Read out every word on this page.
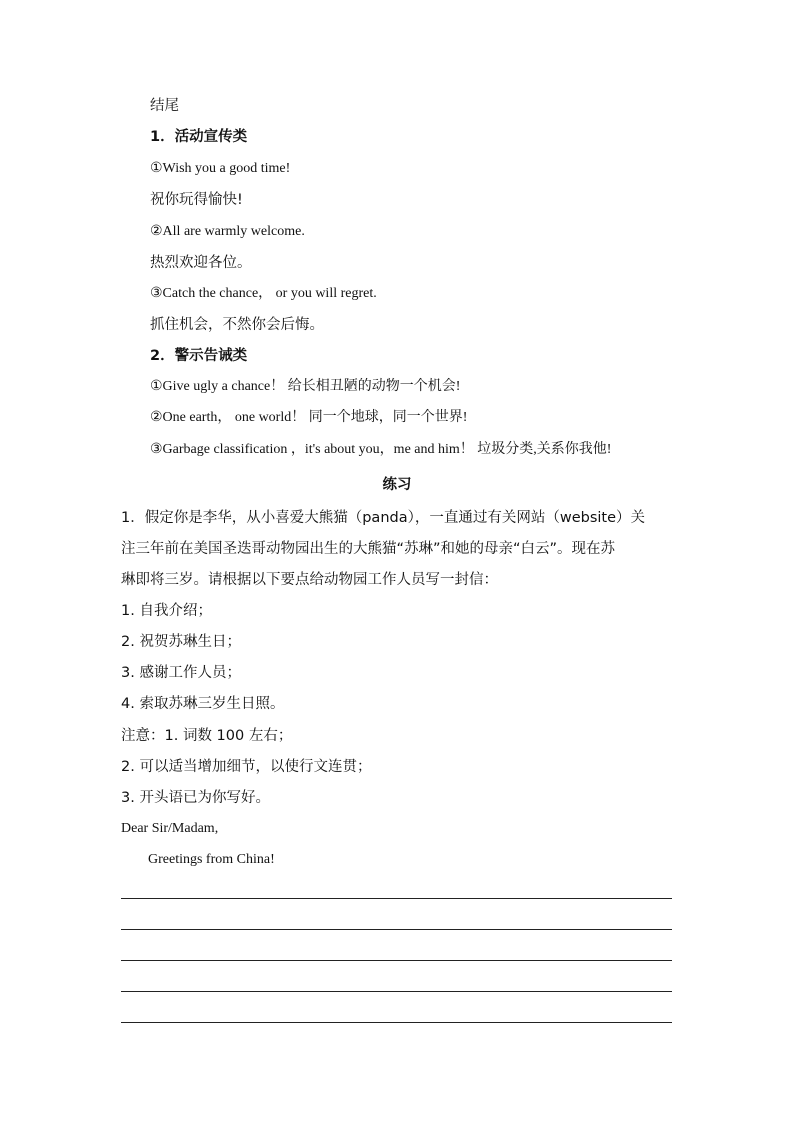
结尾
1．活动宣传类
①Wish you a good time!
祝你玩得愉快!
②All are warmly welcome.
热烈欢迎各位。
③Catch the chance， or you will regret.
抓住机会，不然你会后悔。
2．警示告诫类
①Give ugly a chance！ 给长相丑陋的动物一个机会!
②One earth， one world！ 同一个地球，同一个世界!
③Garbage classification ，it's about you，me and him！ 垃圾分类,关系你我他!
练习
1．假定你是李华，从小喜爱大熊猫（panda），一直通过有关网站（website）关
注三年前在美国圣迭哥动物园出生的大熊猫“苏琳”和她的母亲“白云”。现在苏
琳即将三岁。请根据以下要点给动物园工作人员写一封信：
1. 自我介绍；
2. 祝贺苏琳生日；
3. 感谢工作人员；
4. 索取苏琳三岁生日照。
注意：1. 词数 100 左右；
2. 可以适当增加细节，以使行文连贯；
3. 开头语已为你写好。
Dear Sir/Madam,
Greetings from China!
